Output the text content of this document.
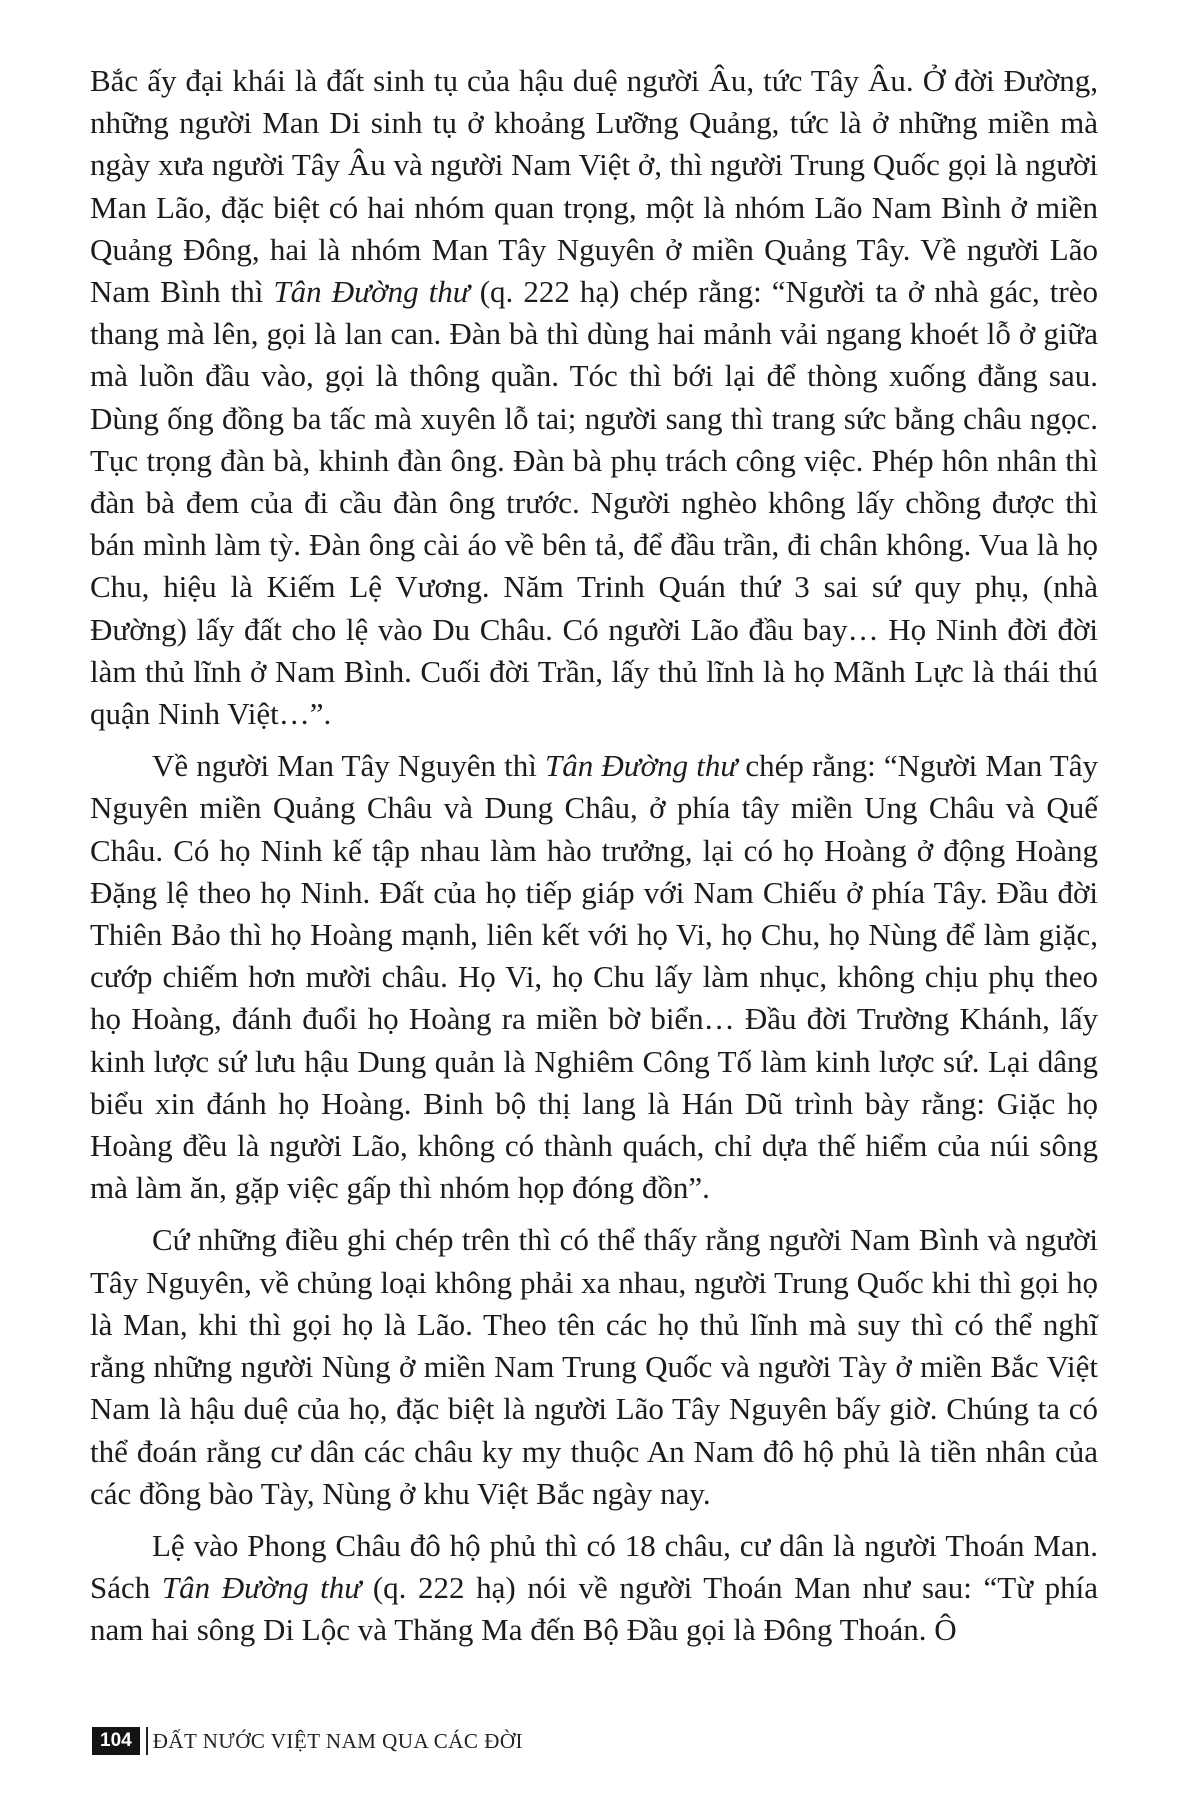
Bắc ấy đại khái là đất sinh tụ của hậu duệ người Âu, tức Tây Âu. Ở đời Đường, những người Man Di sinh tụ ở khoảng Lưỡng Quảng, tức là ở những miền mà ngày xưa người Tây Âu và người Nam Việt ở, thì người Trung Quốc gọi là người Man Lão, đặc biệt có hai nhóm quan trọng, một là nhóm Lão Nam Bình ở miền Quảng Đông, hai là nhóm Man Tây Nguyên ở miền Quảng Tây. Về người Lão Nam Bình thì Tân Đường thư (q. 222 hạ) chép rằng: “Người ta ở nhà gác, trèo thang mà lên, gọi là lan can. Đàn bà thì dùng hai mảnh vải ngang khoét lỗ ở giữa mà luồn đầu vào, gọi là thông quần. Tóc thì bới lại để thòng xuống đằng sau. Dùng ống đồng ba tấc mà xuyên lỗ tai; người sang thì trang sức bằng châu ngọc. Tục trọng đàn bà, khinh đàn ông. Đàn bà phụ trách công việc. Phép hôn nhân thì đàn bà đem của đi cầu đàn ông trước. Người nghèo không lấy chồng được thì bán mình làm tỳ. Đàn ông cài áo về bên tả, để đầu trần, đi chân không. Vua là họ Chu, hiệu là Kiếm Lệ Vương. Năm Trinh Quán thứ 3 sai sứ quy phụ, (nhà Đường) lấy đất cho lệ vào Du Châu. Có người Lão đầu bay… Họ Ninh đời đời làm thủ lĩnh ở Nam Bình. Cuối đời Trần, lấy thủ lĩnh là họ Mãnh Lực là thái thú quận Ninh Việt…”.

Về người Man Tây Nguyên thì Tân Đường thư chép rằng: “Người Man Tây Nguyên miền Quảng Châu và Dung Châu, ở phía tây miền Ung Châu và Quế Châu. Có họ Ninh kế tập nhau làm hào trưởng, lại có họ Hoàng ở động Hoàng Đặng lệ theo họ Ninh. Đất của họ tiếp giáp với Nam Chiếu ở phía Tây. Đầu đời Thiên Bảo thì họ Hoàng mạnh, liên kết với họ Vi, họ Chu, họ Nùng để làm giặc, cướp chiếm hơn mười châu. Họ Vi, họ Chu lấy làm nhục, không chịu phụ theo họ Hoàng, đánh đuổi họ Hoàng ra miền bờ biển… Đầu đời Trường Khánh, lấy kinh lược sứ lưu hậu Dung quản là Nghiêm Công Tố làm kinh lược sứ. Lại dâng biểu xin đánh họ Hoàng. Binh bộ thị lang là Hán Dũ trình bày rằng: Giặc họ Hoàng đều là người Lão, không có thành quách, chỉ dựa thế hiểm của núi sông mà làm ăn, gặp việc gấp thì nhóm họp đóng đồn”.

Cứ những điều ghi chép trên thì có thể thấy rằng người Nam Bình và người Tây Nguyên, về chủng loại không phải xa nhau, người Trung Quốc khi thì gọi họ là Man, khi thì gọi họ là Lão. Theo tên các họ thủ lĩnh mà suy thì có thể nghĩ rằng những người Nùng ở miền Nam Trung Quốc và người Tày ở miền Bắc Việt Nam là hậu duệ của họ, đặc biệt là người Lão Tây Nguyên bấy giờ. Chúng ta có thể đoán rằng cư dân các châu ky my thuộc An Nam đô hộ phủ là tiền nhân của các đồng bào Tày, Nùng ở khu Việt Bắc ngày nay.

Lệ vào Phong Châu đô hộ phủ thì có 18 châu, cư dân là người Thoán Man. Sách Tân Đường thư (q. 222 hạ) nói về người Thoán Man như sau: “Từ phía nam hai sông Di Lộc và Thăng Ma đến Bộ Đầu gọi là Đông Thoán. Ô

104	ĐẤT NƯỚC VIỆT NAM QUA CÁC ĐỜI
